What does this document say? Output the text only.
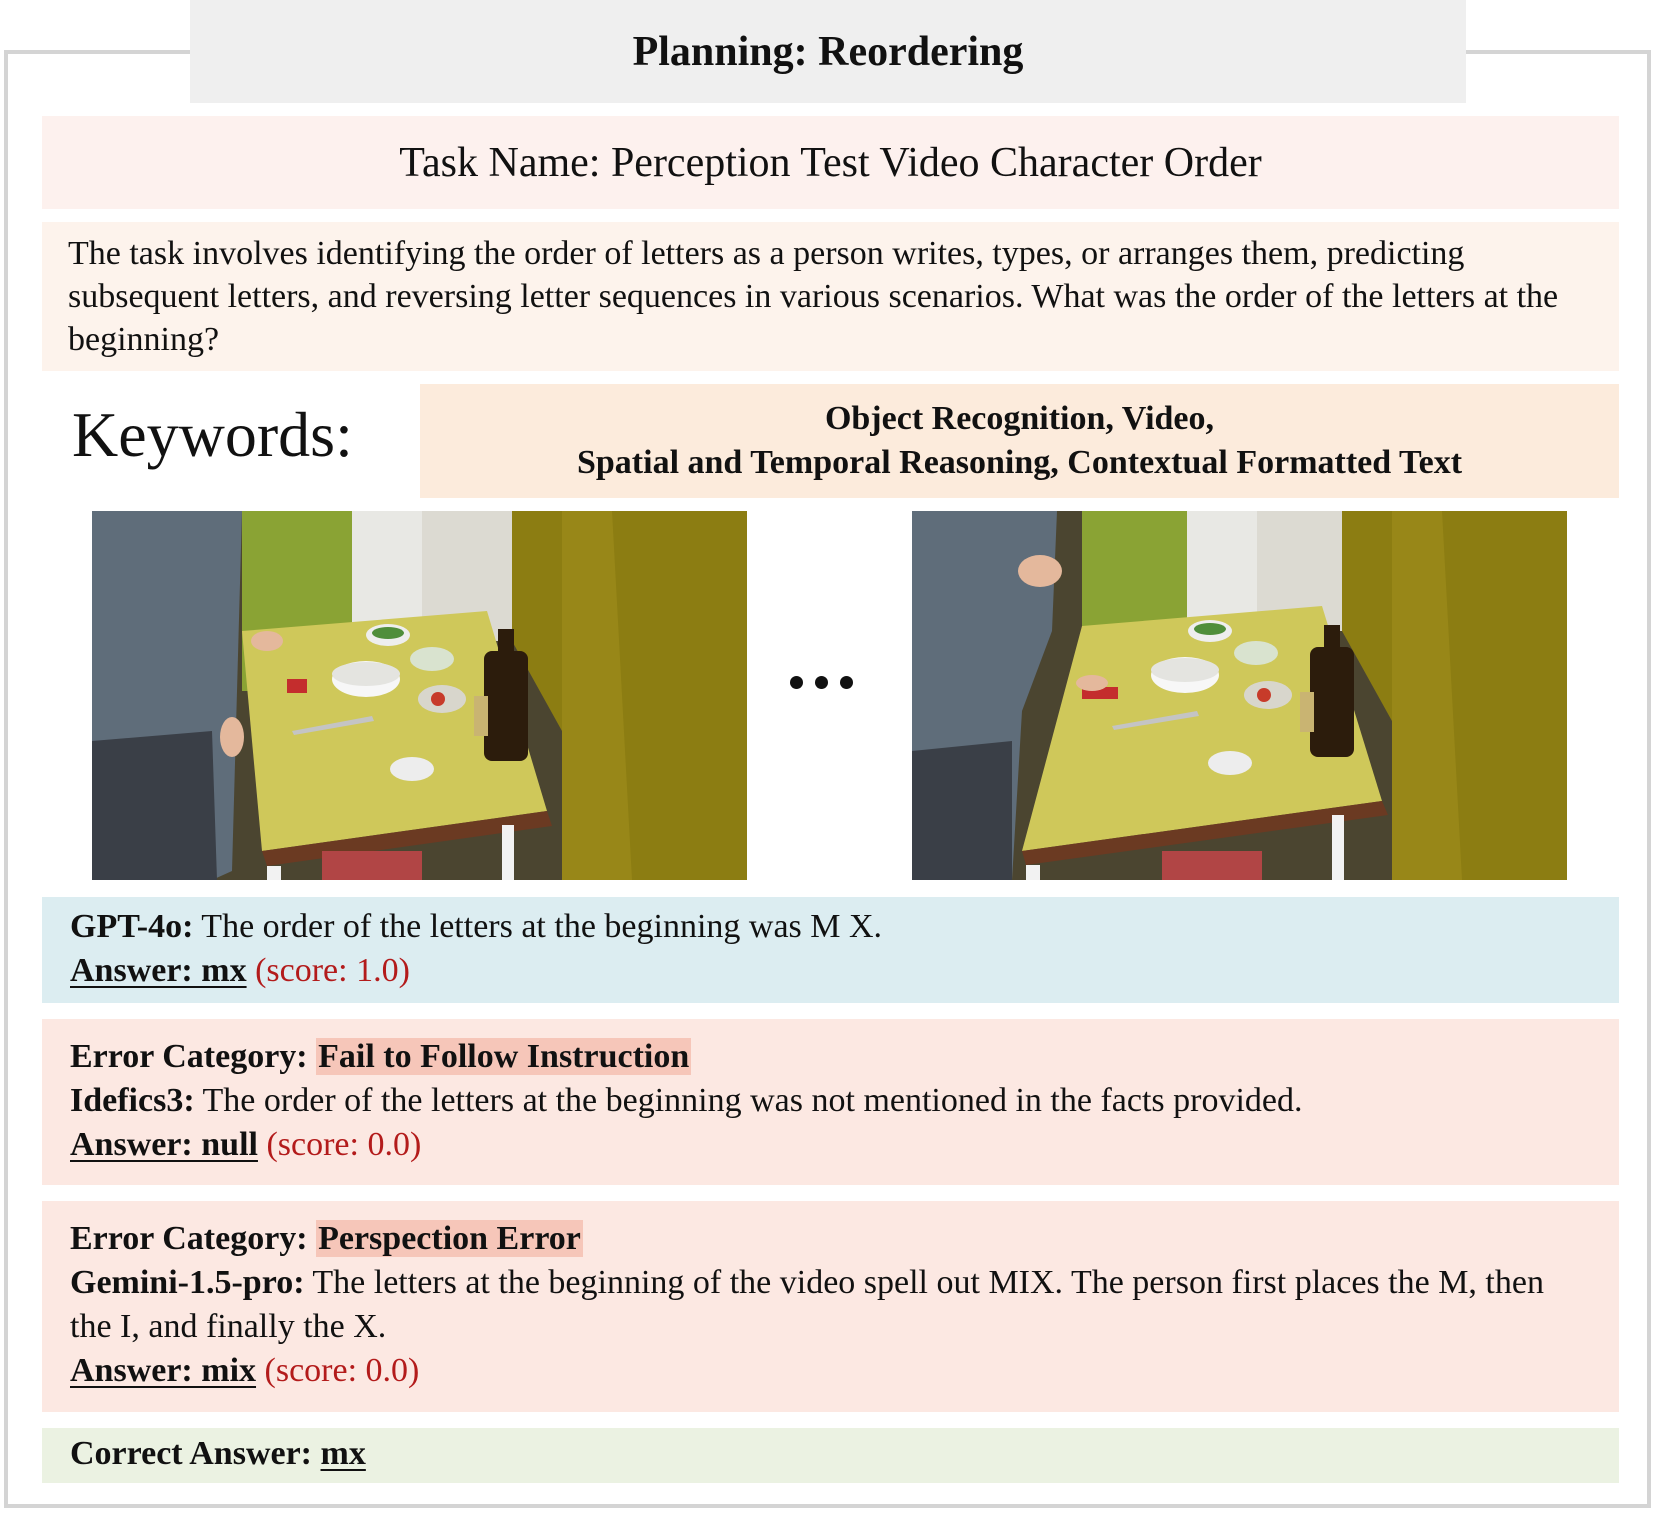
Planning: Reordering
Task Name: Perception Test Video Character Order
The task involves identifying the order of letters as a person writes, types, or arranges them, predicting subsequent letters, and reversing letter sequences in various scenarios. What was the order of the letters at the beginning?
Keywords:	Object Recognition, Video,
Spatial and Temporal Reasoning, Contextual Formatted Text
GPT-4o: The order of the letters at the beginning was M X.
Answer: mx (score: 1.0)
Error Category: Fail to Follow Instruction
Idefics3: The order of the letters at the beginning was not mentioned in the facts provided.
Answer: null (score: 0.0)
Error Category: Perspection Error
Gemini-1.5-pro: The letters at the beginning of the video spell out MIX. The person first places the M, then the I, and finally the X.
Answer: mix (score: 0.0)
Correct Answer: mx
